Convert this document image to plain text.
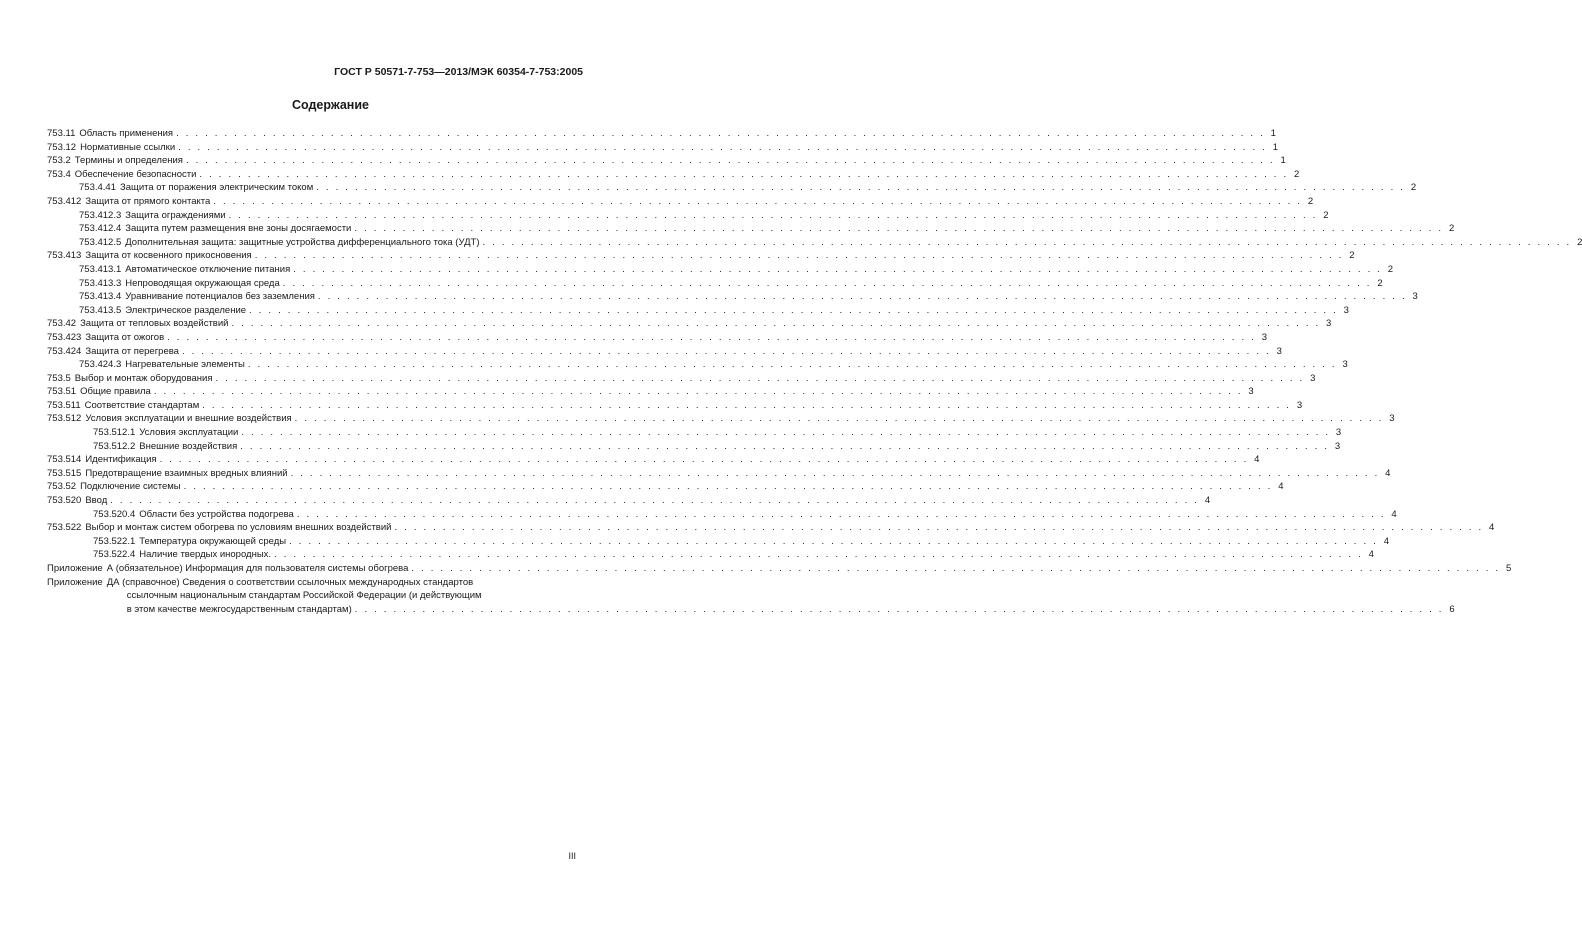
ГОСТ Р 50571-7-753—2013/МЭК 60354-7-753:2005
Содержание
753.11 Область применения . . .	1
753.12 Нормативные ссылки . . .	1
753.2 Термины и определения . . .	1
753.4 Обеспечение безопасности . . .	2
753.4.41 Защита от поражения электрическим током . . .	2
753.412 Защита от прямого контакта . . .	2
753.412.3 Защита ограждениями . . .	2
753.412.4 Защита путем размещения вне зоны досягаемости . . .	2
753.412.5 Дополнительная защита: защитные устройства дифференциального тока (УДТ) . . .	2
753.413 Защита от косвенного прикосновения . . .	2
753.413.1 Автоматическое отключение питания . . .	2
753.413.3 Непроводящая окружающая среда . . .	2
753.413.4 Уравнивание потенциалов без заземления . . .	3
753.413.5 Электрическое разделение . . .	3
753.42 Защита от тепловых воздействий . . .	3
753.423 Защита от ожогов . . .	3
753.424 Защита от перегрева . . .	3
753.424.3 Нагревательные элементы . . .	3
753.5 Выбор и монтаж оборудования . . .	3
753.51 Общие правила . . .	3
753.511 Соответствие стандартам . . .	3
753.512 Условия эксплуатации и внешние воздействия . . .	3
753.512.1 Условия эксплуатации . . .	3
753.512.2 Внешние воздействия . . .	3
753.514 Идентификация . . .	4
753.515 Предотвращение взаимных вредных влияний . . .	4
753.52 Подключение системы . . .	4
753.520 Ввод . . .	4
753.520.4 Области без устройства подогрева . . .	4
753.522 Выбор и монтаж систем обогрева по условиям внешних воздействий . . .	4
753.522.1 Температура окружающей среды . . .	4
753.522.4 Наличие твердых инородных. . . .	4
Приложение А (обязательное) Информация для пользователя системы обогрева . . .	5
Приложение ДА (справочное) Сведения о соответствии ссылочных международных стандартов
ссылочным национальным стандартам Российской Федерации (и действующим
в этом качестве межгосударственным стандартам) . . .	6
III
